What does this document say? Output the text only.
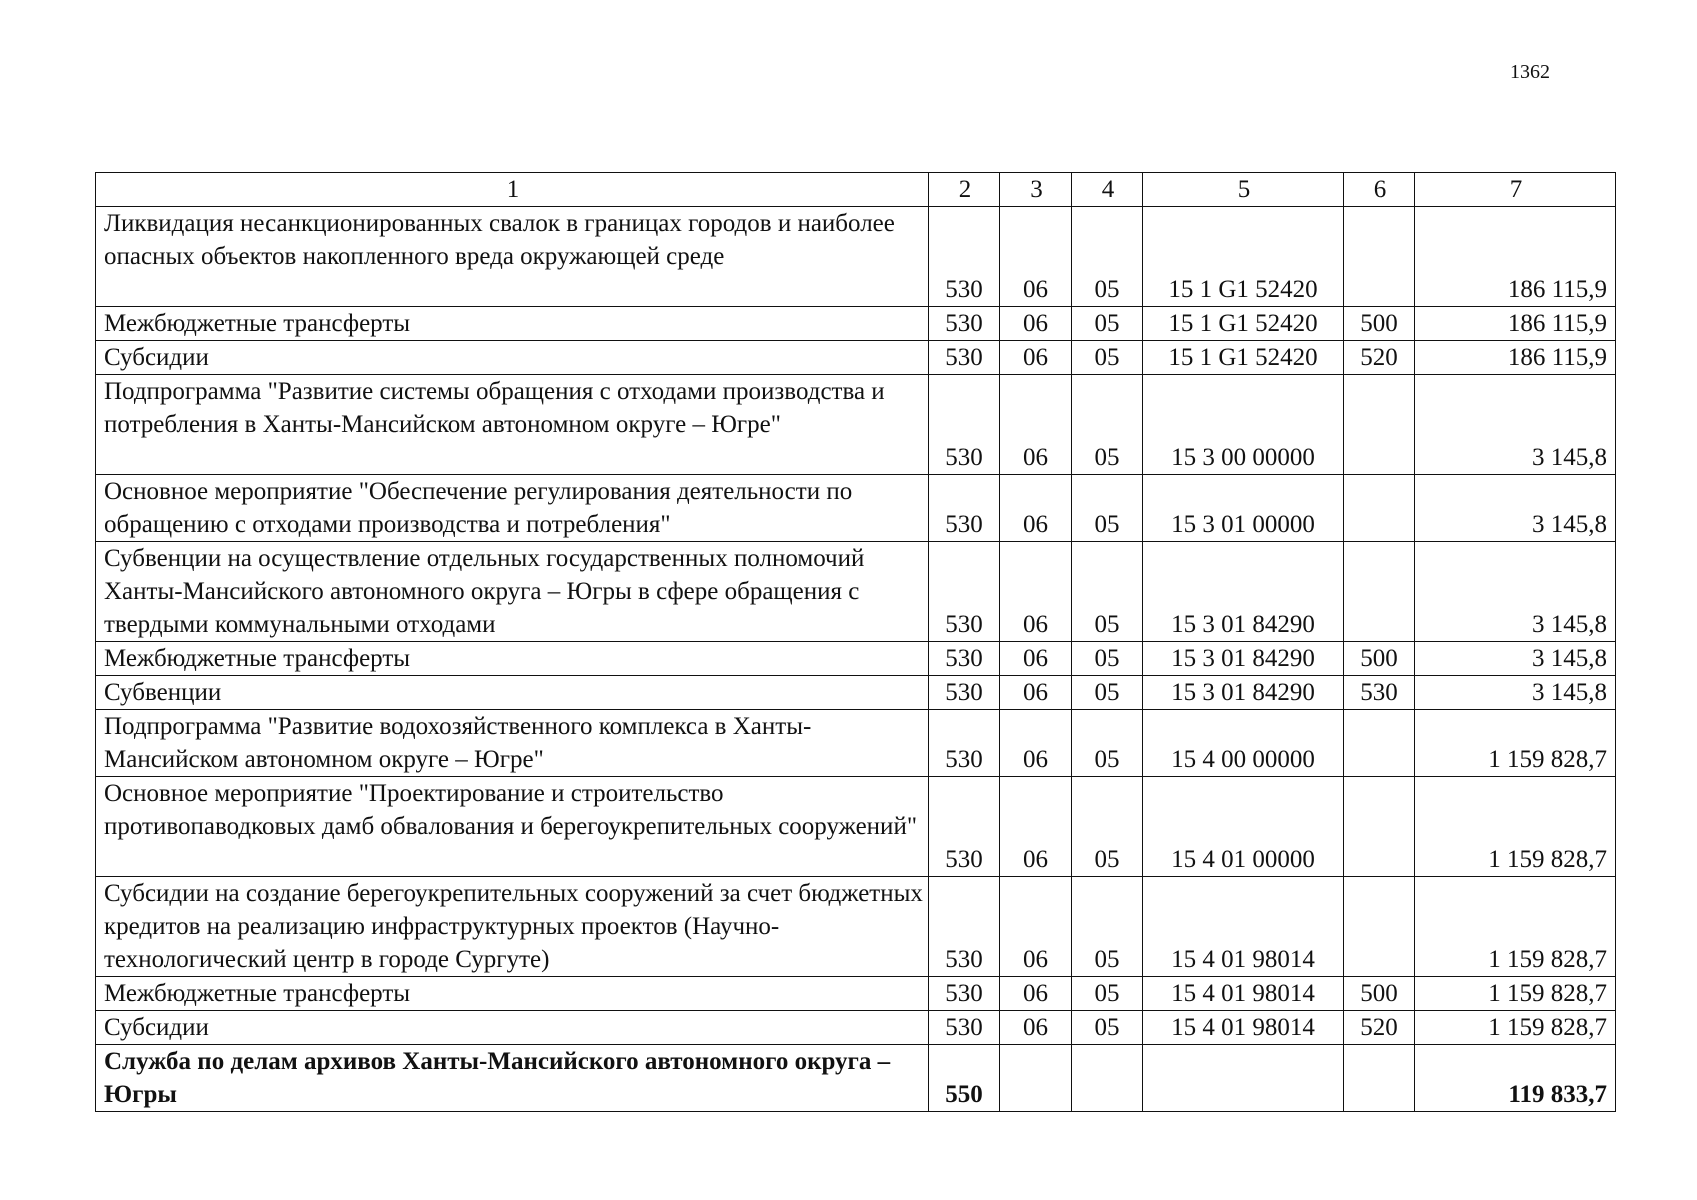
1362
1	2	3	4	5	6	7
Ликвидация несанкционированных свалок в границах городов и наиболее опасных объектов накопленного вреда окружающей среде	530	06	05	15 1 G1 52420		186 115,9
Межбюджетные трансферты	530	06	05	15 1 G1 52420	500	186 115,9
Субсидии	530	06	05	15 1 G1 52420	520	186 115,9
Подпрограмма "Развитие системы обращения с отходами производства и потребления в Ханты-Мансийском автономном округе – Югре"	530	06	05	15 3 00 00000		3 145,8
Основное мероприятие "Обеспечение регулирования деятельности по обращению с отходами производства и потребления"	530	06	05	15 3 01 00000		3 145,8
Субвенции на осуществление отдельных государственных полномочий Ханты-Мансийского автономного округа – Югры в сфере обращения с твердыми коммунальными отходами	530	06	05	15 3 01 84290		3 145,8
Межбюджетные трансферты	530	06	05	15 3 01 84290	500	3 145,8
Субвенции	530	06	05	15 3 01 84290	530	3 145,8
Подпрограмма "Развитие водохозяйственного комплекса в Ханты-Мансийском автономном округе – Югре"	530	06	05	15 4 00 00000		1 159 828,7
Основное мероприятие "Проектирование и строительство противопаводковых дамб обвалования и берегоукрепительных сооружений"	530	06	05	15 4 01 00000		1 159 828,7
Субсидии на создание берегоукрепительных сооружений за счет бюджетных кредитов на реализацию инфраструктурных проектов (Научно-технологический центр в городе Сургуте)	530	06	05	15 4 01 98014		1 159 828,7
Межбюджетные трансферты	530	06	05	15 4 01 98014	500	1 159 828,7
Субсидии	530	06	05	15 4 01 98014	520	1 159 828,7
Служба по делам архивов Ханты-Мансийского автономного округа – Югры	550					119 833,7
